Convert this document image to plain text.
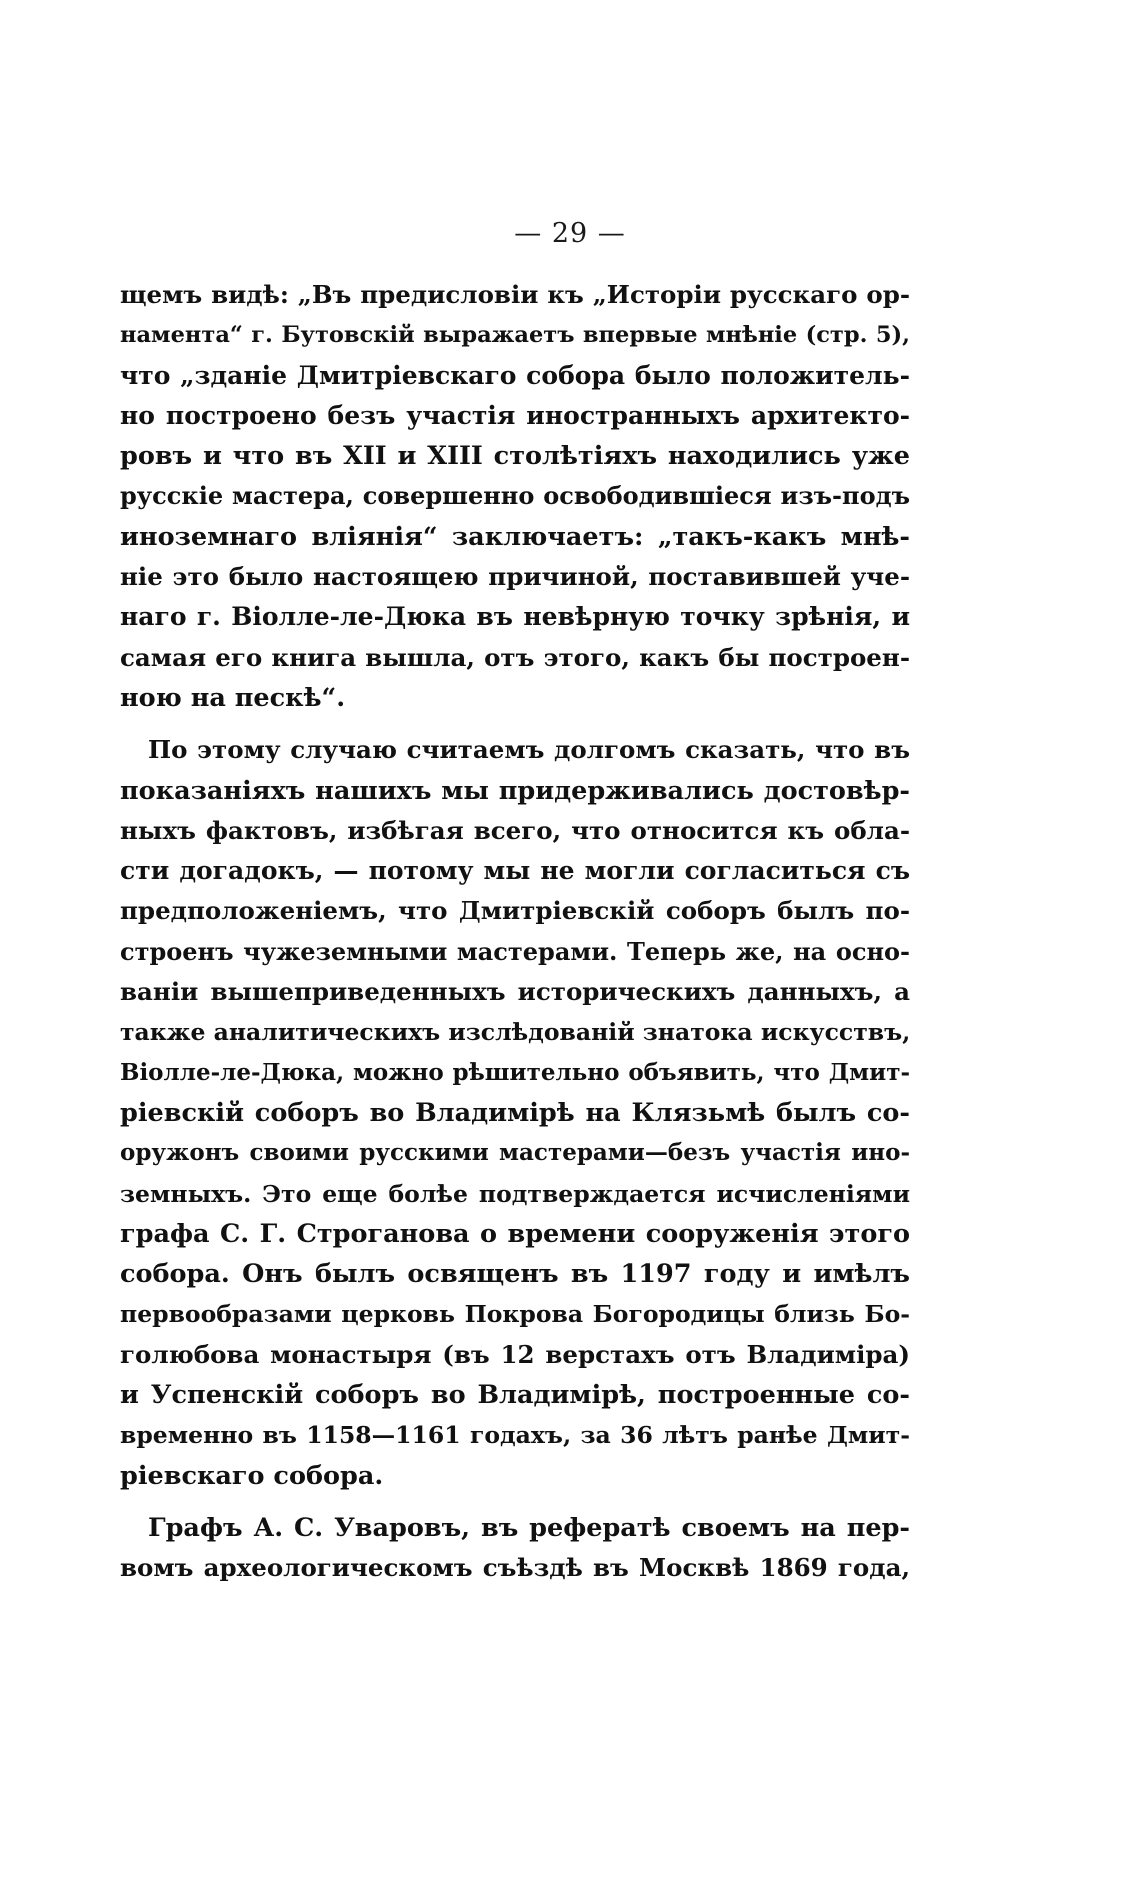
— 29 —
щемъ видѣ: „Въ предисловіи къ „Исторіи русскаго ор-
намента“ г. Бутовскій выражаетъ впервые мнѣніе (стр. 5),
что „зданіе Дмитріевскаго собора было положитель-
но построено безъ участія иностранныхъ архитекто-
ровъ и что въ XII и XIII столѣтіяхъ находились уже
русскіе мастера, совершенно освободившіеся изъ-подъ
иноземнаго вліянія“ заключаетъ: „такъ-какъ мнѣ-
ніе это было настоящею причиной, поставившей уче-
наго г. Віолле-ле-Дюка въ невѣрную точку зрѣнія, и
самая его книга вышла, отъ этого, какъ бы построен-
ною на пескѣ“.
По этому случаю считаемъ долгомъ сказать, что въ
показаніяхъ нашихъ мы придерживались достовѣр-
ныхъ фактовъ, избѣгая всего, что относится къ обла-
сти догадокъ, — потому мы не могли согласиться съ
предположеніемъ, что Дмитріевскій соборъ былъ по-
строенъ чужеземными мастерами. Теперь же, на осно-
ваніи вышеприведенныхъ историческихъ данныхъ, а
также аналитическихъ изслѣдованій знатока искусствъ,
Віолле-ле-Дюка, можно рѣшительно объявить, что Дмит-
ріевскій соборъ во Владимірѣ на Клязьмѣ былъ со-
оружонъ своими русскими мастерами—безъ участія ино-
земныхъ. Это еще болѣе подтверждается исчисленіями
графа С. Г. Строганова о времени сооруженія этого
собора. Онъ былъ освященъ въ 1197 году и имѣлъ
первообразами церковь Покрова Богородицы близь Бо-
голюбова монастыря (въ 12 верстахъ отъ Владиміра)
и Успенскій соборъ во Владимірѣ, построенные со-
временно въ 1158—1161 годахъ, за 36 лѣтъ ранѣе Дмит-
ріевскаго собора.
Графъ А. С. Уваровъ, въ рефератѣ своемъ на пер-
вомъ археологическомъ съѣздѣ въ Москвѣ 1869 года,
